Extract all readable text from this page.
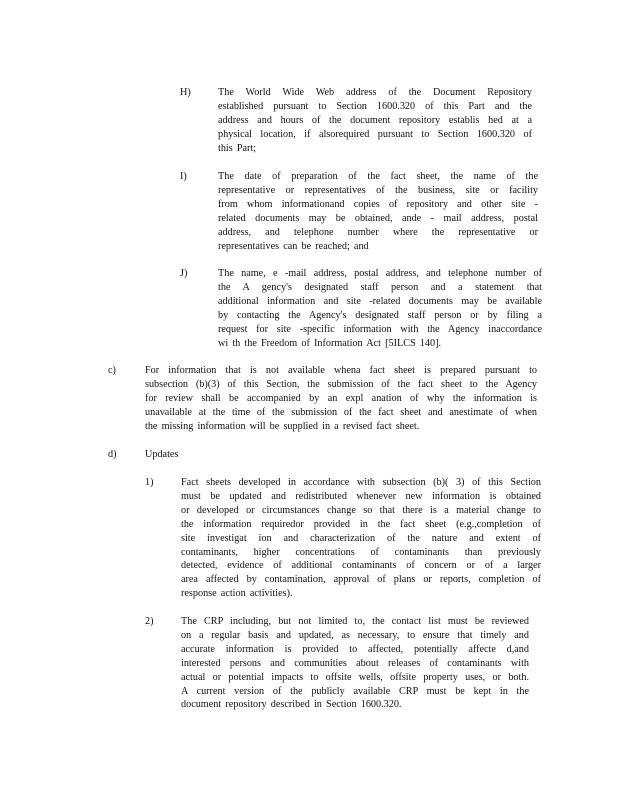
H)	The World Wide Web address of the Document Repository
established pursuant to Section 1600.320 of this Part and the
address and hours of the document repository establis hed at a
physical location, if alsorequired pursuant to Section 1600.320 of
this Part;
I)	The date of preparation of the fact sheet, the name of the
representative or representatives of the business, site or facility
from whom informationand copies of repository and other site -
related documents may be obtained, ande - mail address, postal
address, and telephone number where the representative or
representatives can be reached; and
J)	The name, e -mail address, postal address, and telephone number of
the A gency's designated staff person and a statement that
additional information and site -related documents may be available
by contacting the Agency's designated staff person or by filing a
request for site -specific information with the Agency inaccordance
wi th the Freedom of Information Act [5ILCS 140].
c)	For information that is not available whena fact sheet is prepared pursuant to
subsection (b)(3) of this Section, the submission of the fact sheet to the Agency
for review shall be accompanied by an expl anation of why the information is
unavailable at the time of the submission of the fact sheet and anestimate of when
the missing information will be supplied in a revised fact sheet.
d)	Updates
1)	Fact sheets developed in accordance with subsection (b)( 3) of this Section
must be updated and redistributed whenever new information is obtained
or developed or circumstances change so that there is a material change to
the information requiredor provided in the fact sheet (e.g.,completion of
site investigat ion and characterization of the nature and extent of
contaminants, higher concentrations of contaminants than previously
detected, evidence of additional contaminants of concern or of a larger
area affected by contamination, approval of plans or reports, completion of
response action activities).
2)	The CRP including, but not limited to, the contact list must be reviewed
on a regular basis and updated, as necessary, to ensure that timely and
accurate information is provided to affected, potentially affecte d,and
interested persons and communities about releases of contaminants with
actual or potential impacts to offsite wells, offsite property uses, or both.
A current version of the publicly available CRP must be kept in the
document repository described in Section 1600.320.
